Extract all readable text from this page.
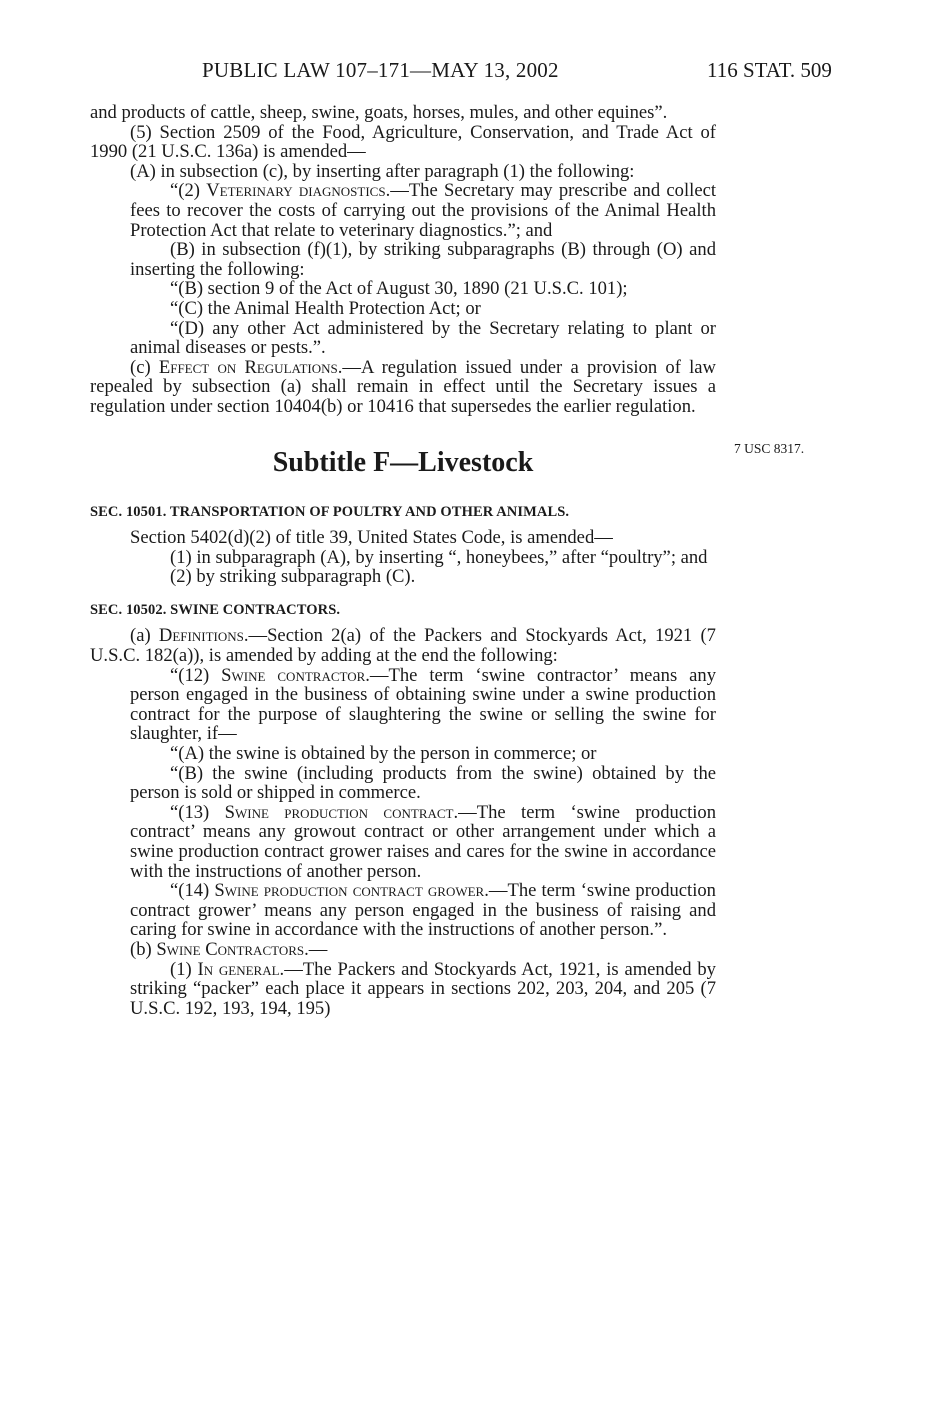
PUBLIC LAW 107–171—MAY 13, 2002	116 STAT. 509
7 USC 8317.

and products of cattle, sheep, swine, goats, horses, mules, and other equines”.

(5) Section 2509 of the Food, Agriculture, Conservation, and Trade Act of 1990 (21 U.S.C. 136a) is amended—

(A) in subsection (c), by inserting after paragraph (1) the following:

“(2) Veterinary diagnostics.—The Secretary may prescribe and collect fees to recover the costs of carrying out the provisions of the Animal Health Protection Act that relate to veterinary diagnostics.”; and

(B) in subsection (f)(1), by striking subparagraphs (B) through (O) and inserting the following:

“(B) section 9 of the Act of August 30, 1890 (21 U.S.C. 101);

“(C) the Animal Health Protection Act; or

“(D) any other Act administered by the Secretary relating to plant or animal diseases or pests.”.

(c) Effect on Regulations.—A regulation issued under a provision of law repealed by subsection (a) shall remain in effect until the Secretary issues a regulation under section 10404(b) or 10416 that supersedes the earlier regulation.

Subtitle F—Livestock
SEC. 10501. TRANSPORTATION OF POULTRY AND OTHER ANIMALS.

Section 5402(d)(2) of title 39, United States Code, is amended—

(1) in subparagraph (A), by inserting “, honeybees,” after “poultry”; and

(2) by striking subparagraph (C).

SEC. 10502. SWINE CONTRACTORS.

(a) Definitions.—Section 2(a) of the Packers and Stockyards Act, 1921 (7 U.S.C. 182(a)), is amended by adding at the end the following:

“(12) Swine contractor.—The term ‘swine contractor’ means any person engaged in the business of obtaining swine under a swine production contract for the purpose of slaughtering the swine or selling the swine for slaughter, if—

“(A) the swine is obtained by the person in commerce; or

“(B) the swine (including products from the swine) obtained by the person is sold or shipped in commerce.

“(13) Swine production contract.—The term ‘swine production contract’ means any growout contract or other arrangement under which a swine production contract grower raises and cares for the swine in accordance with the instructions of another person.

“(14) Swine production contract grower.—The term ‘swine production contract grower’ means any person engaged in the business of raising and caring for swine in accordance with the instructions of another person.”.

(b) Swine Contractors.—

(1) In general.—The Packers and Stockyards Act, 1921, is amended by striking “packer” each place it appears in sections 202, 203, 204, and 205 (7 U.S.C. 192, 193, 194, 195)
